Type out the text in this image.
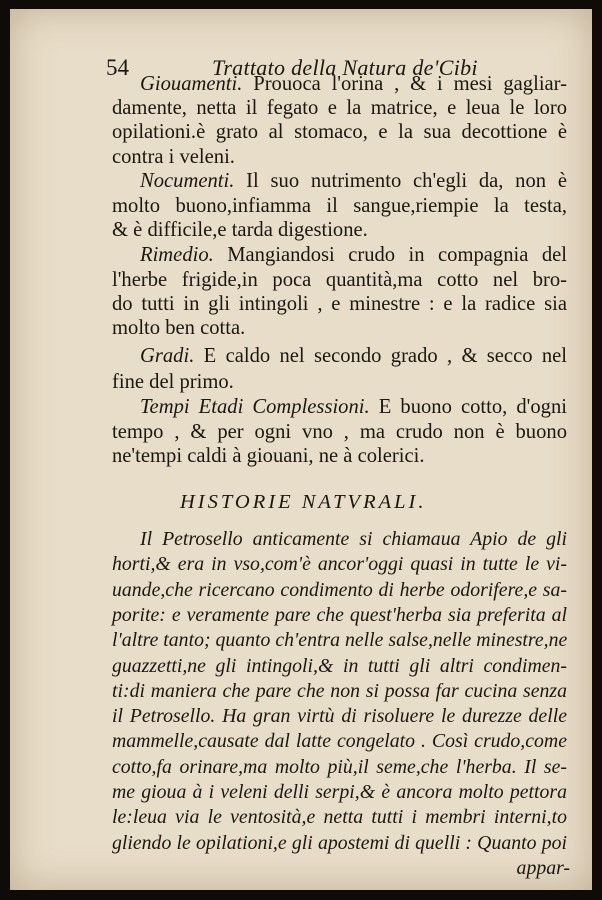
54	Trattato della Natura de'Cibi
Giouamenti. Prouoca l'orina , & i mesi gagliar-
damente, netta il fegato e la matrice, e leua le loro
opilationi.è grato al stomaco, e la sua decottione è
contra i veleni.
Nocumenti. Il suo nutrimento ch'egli da, non è
molto buono,infiamma il sangue,riempie la testa,
& è difficile,e tarda digestione.
Rimedio. Mangiandosi crudo in compagnia del
l'herbe frigide,in poca quantità,ma cotto nel bro-
do tutti in gli intingoli , e minestre : e la radice sia
molto ben cotta.
Gradi. E caldo nel secondo grado , & secco nel
fine del primo.
Tempi Etadi Complessioni. E buono cotto, d'ogni
tempo , & per ogni vno , ma crudo non è buono
ne'tempi caldi à giouani, ne à colerici.
HISTORIE NATVRALI.
Il Petrosello anticamente si chiamaua Apio de gli
horti,& era in vso,com'è ancor'oggi quasi in tutte le vi-
uande,che ricercano condimento di herbe odorifere,e sa-
porite: e veramente pare che quest'herba sia preferita al
l'altre tanto; quanto ch'entra nelle salse,nelle minestre,ne
guazzetti,ne gli intingoli,& in tutti gli altri condimen-
ti:di maniera che pare che non si possa far cucina senza
il Petrosello. Ha gran virtù di risoluere le durezze delle
mammelle,causate dal latte congelato . Così crudo,come
cotto,fa orinare,ma molto più,il seme,che l'herba. Il se-
me gioua à i veleni delli serpi,& è ancora molto pettora
le:leua via le ventosità,e netta tutti i membri interni,to
gliendo le opilationi,e gli apostemi di quelli : Quanto poi
appar-
